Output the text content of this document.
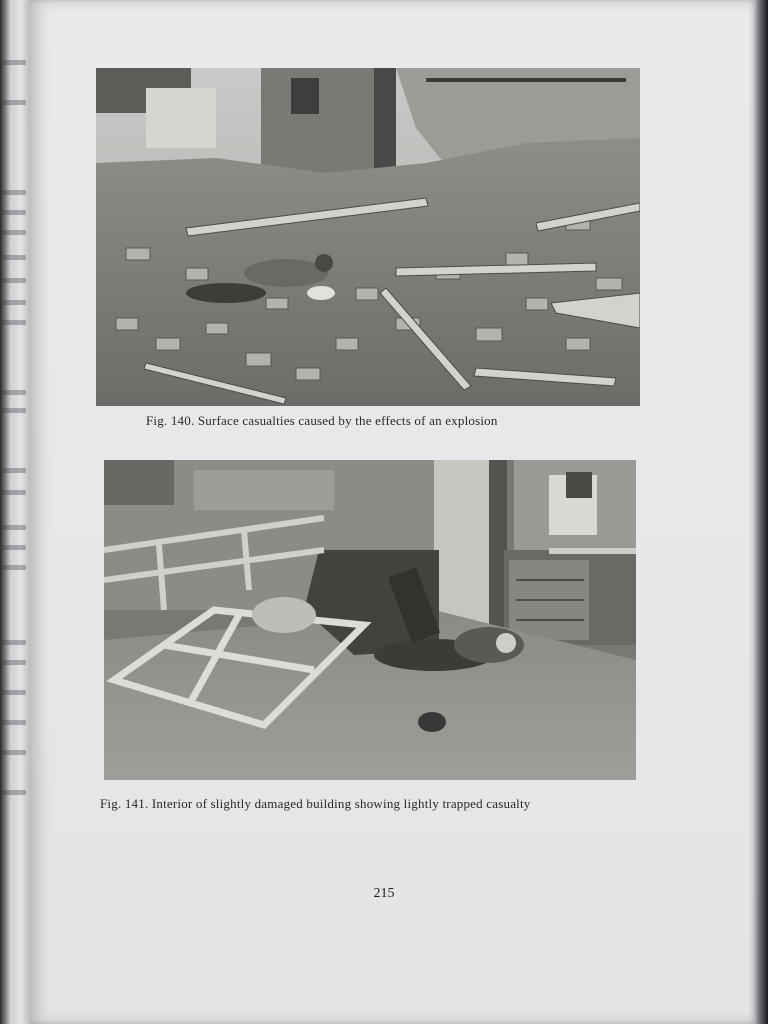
Fig. 140. Surface casualties caused by the effects of an explosion
Fig. 141. Interior of slightly damaged building showing lightly trapped casualty
215
